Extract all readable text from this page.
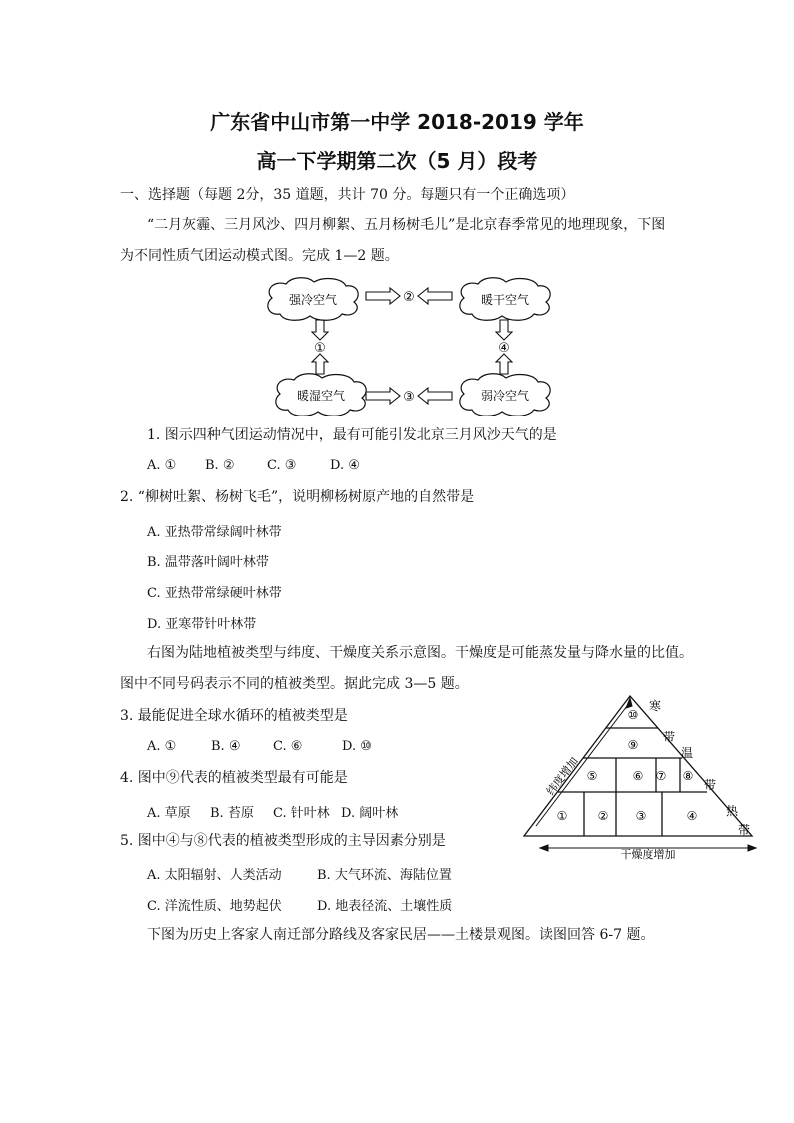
广东省中山市第一中学 2018-2019 学年
高一下学期第二次（5 月）段考
一、选择题（每题 2分，35 道题，共计 70 分。每题只有一个正确选项）
“二月灰霾、三月风沙、四月柳絮、五月杨树毛儿”是北京春季常见的地理现象，下图
为不同性质气团运动模式图。完成 1—2 题。
强冷空气	暖干空气
暖湿空气	弱冷空气
②
③
①	④
1. 图示四种气团运动情况中，最有可能引发北京三月风沙天气的是
A. ① B. ②	C. ③	D. ④
2. “柳树吐絮、杨树飞毛”，说明柳杨树原产地的自然带是
A. 亚热带常绿阔叶林带
B. 温带落叶阔叶林带
C. 亚热带常绿硬叶林带
D. 亚寒带针叶林带
右图为陆地植被类型与纬度、干燥度关系示意图。干燥度是可能蒸发量与降水量的比值。
图中不同号码表示不同的植被类型。据此完成 3—5 题。
3. 最能促进全球水循环的植被类型是
A. ①	B. ④	C. ⑥	D. ⑩
4. 图中⑨代表的植被类型最有可能是
A. 草原 B. 苔原 C. 针叶林 D. 阔叶林
5. 图中④与⑧代表的植被类型形成的主导因素分别是
A. 太阳辐射、人类活动	B. 大气环流、海陆位置
C. 洋流性质、地势起伏	D. 地表径流、土壤性质
下图为历史上客家人南迁部分路线及客家民居——土楼景观图。读图回答 6-7 题。
⑩
⑨
⑤	⑥ ⑦ ⑧
①	② ③	④
寒
带
温
带
热
带
纬度增加
干燥度增加
